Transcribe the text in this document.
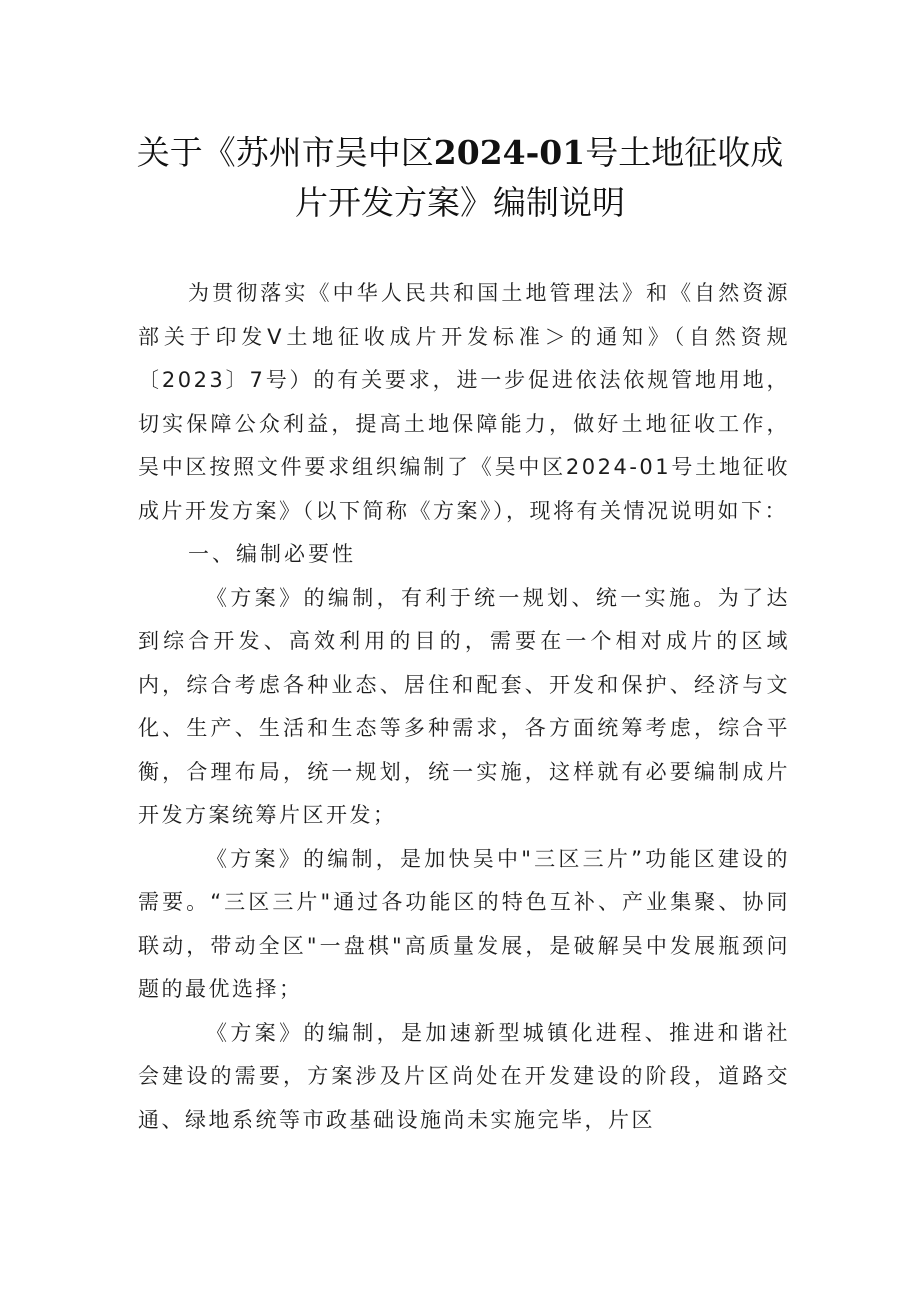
关于《苏州市吴中区2024-01号土地征收成
片开发方案》编制说明

为贯彻落实《中华人民共和国土地管理法》和《自然资源部关于印发Ⅴ土地征收成片开发标准＞的通知》（自然资规〔2023〕7号）的有关要求，进一步促进依法依规管地用地，切实保障公众利益，提高土地保障能力，做好土地征收工作，吴中区按照文件要求组织编制了《吴中区2024-01号土地征收成片开发方案》（以下简称《方案》），现将有关情况说明如下：

一、编制必要性

《方案》的编制，有利于统一规划、统一实施。为了达到综合开发、高效利用的目的，需要在一个相对成片的区域内，综合考虑各种业态、居住和配套、开发和保护、经济与文化、生产、生活和生态等多种需求，各方面统筹考虑，综合平衡，合理布局，统一规划，统一实施，这样就有必要编制成片开发方案统筹片区开发；

《方案》的编制，是加快吴中"三区三片”功能区建设的需要。“三区三片"通过各功能区的特色互补、产业集聚、协同联动，带动全区"一盘棋"高质量发展，是破解吴中发展瓶颈问题的最优选择；

《方案》的编制，是加速新型城镇化进程、推进和谐社会建设的需要，方案涉及片区尚处在开发建设的阶段，道路交通、绿地系统等市政基础设施尚未实施完毕，片区
